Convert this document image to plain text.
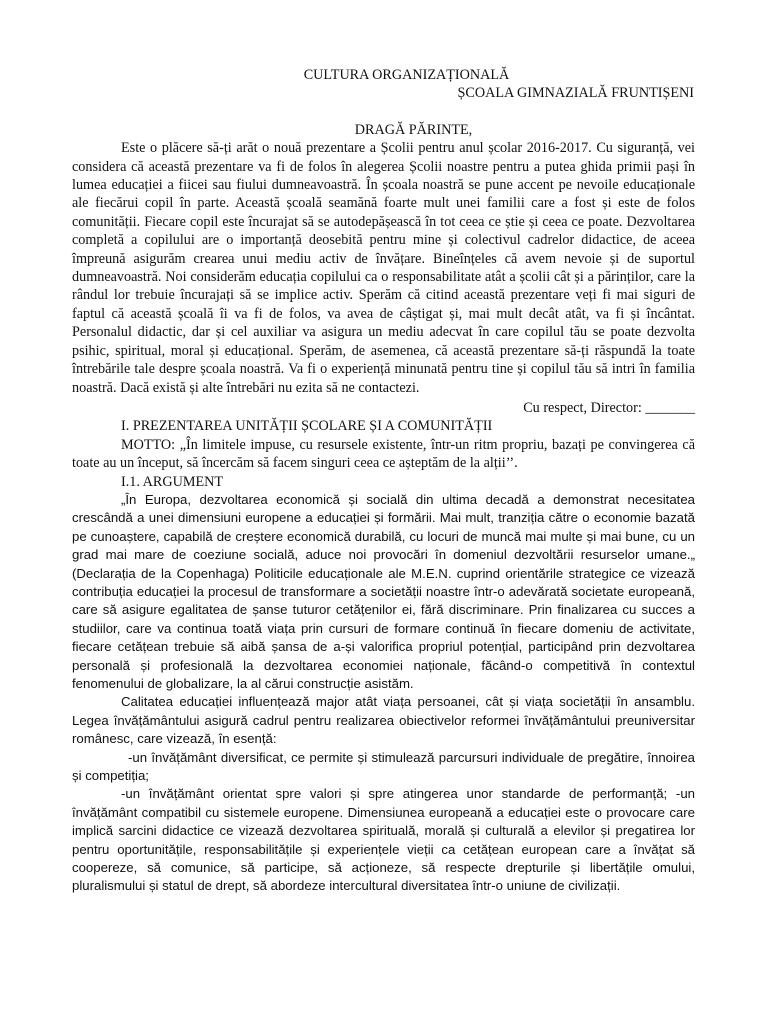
CULTURA ORGANIZAȚIONALĂ

ȘCOALA GIMNAZIALĂ FRUNTIȘENI

DRAGĂ PĂRINTE,

Este o plăcere să-ți arăt o nouă prezentare a Școlii pentru anul școlar 2016-2017. Cu siguranță, vei considera că această prezentare va fi de folos în alegerea Școlii noastre pentru a putea ghida primii pași în lumea educației a fiicei sau fiului dumneavoastră. În școala noastră se pune accent pe nevoile educaționale ale fiecărui copil în parte. Această școală seamănă foarte mult unei familii care a fost și este de folos comunității. Fiecare copil este încurajat să se autodepășească în tot ceea ce știe și ceea ce poate. Dezvoltarea completă a copilului are o importanță deosebită pentru mine și colectivul cadrelor didactice, de aceea împreună asigurăm crearea unui mediu activ de învățare. Bineînțeles că avem nevoie și de suportul dumneavoastră. Noi considerăm educația copilului ca o responsabilitate atât a școlii cât și a părinților, care la rândul lor trebuie încurajați să se implice activ. Sperăm că citind această prezentare veți fi mai siguri de faptul că această școală îi va fi de folos, va avea de câștigat și, mai mult decât atât, va fi și încântat. Personalul didactic, dar și cel auxiliar va asigura un mediu adecvat în care copilul tău se poate dezvolta psihic, spiritual, moral și educațional. Sperăm, de asemenea, că această prezentare să-ți răspundă la toate întrebările tale despre școala noastră. Va fi o experiență minunată pentru tine și copilul tău să intri în familia noastră. Dacă există și alte întrebări nu ezita să ne contactezi.

Cu respect, Director: _______

I. PREZENTAREA UNITĂȚII ȘCOLARE ȘI A COMUNITĂȚII

MOTTO: „În limitele impuse, cu resursele existente, într-un ritm propriu, bazați pe convingerea că toate au un început, să încercăm să facem singuri ceea ce așteptăm de la alții’’.

I.1. ARGUMENT

„În Europa, dezvoltarea economică și socială din ultima decadă a demonstrat necesitatea crescândă a unei dimensiuni europene a educației și formării. Mai mult, tranziția către o economie bazată pe cunoaștere, capabilă de creștere economică durabilă, cu locuri de muncă mai multe și mai bune, cu un grad mai mare de coeziune socială, aduce noi provocări în domeniul dezvoltării resurselor umane.„ (Declarația de la Copenhaga) Politicile educaționale ale M.E.N. cuprind orientările strategice ce vizează contribuția educației la procesul de transformare a societății noastre într-o adevărată societate europeană, care să asigure egalitatea de șanse tuturor cetățenilor ei, fără discriminare. Prin finalizarea cu succes a studiilor, care va continua toată viața prin cursuri de formare continuă în fiecare domeniu de activitate, fiecare cetățean trebuie să aibă șansa de a-și valorifica propriul potențial, participând prin dezvoltarea personală și profesională la dezvoltarea economiei naționale, făcând-o competitivă în contextul fenomenului de globalizare, la al cărui construcție asistăm.

Calitatea educației influențează major atât viața persoanei, cât și viața societății în ansamblu. Legea învățământului asigură cadrul pentru realizarea obiectivelor reformei învățământului preuniversitar românesc, care vizează, în esență:

-un învățământ diversificat, ce permite și stimulează parcursuri individuale de pregătire, înnoirea și competiția;

-un învățământ orientat spre valori și spre atingerea unor standarde de performanță; -un învățământ compatibil cu sistemele europene. Dimensiunea europeană a educației este o provocare care implică sarcini didactice ce vizează dezvoltarea spirituală, morală și culturală a elevilor și pregatirea lor pentru oportunitățile, responsabilitățile și experiențele vieții ca cetățean european care a învățat să coopereze, să comunice, să participe, să acționeze, să respecte drepturile și libertățile omului, pluralismului și statul de drept, să abordeze intercultural diversitatea într-o uniune de civilizații.
